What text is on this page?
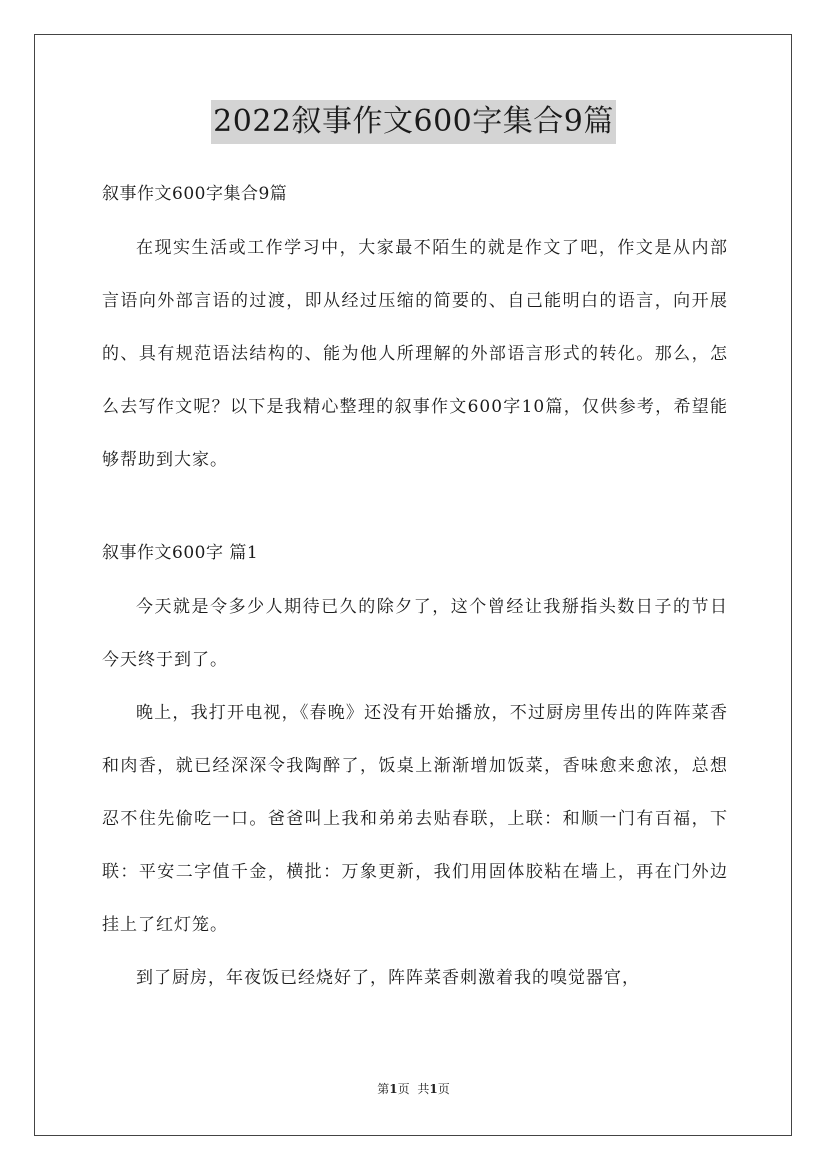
2022叙事作文600字集合9篇

叙事作文600字集合9篇

在现实生活或工作学习中，大家最不陌生的就是作文了吧，作文是从内部言语向外部言语的过渡，即从经过压缩的简要的、自己能明白的语言，向开展的、具有规范语法结构的、能为他人所理解的外部语言形式的转化。那么，怎么去写作文呢？以下是我精心整理的叙事作文600字10篇，仅供参考，希望能够帮助到大家。

叙事作文600字 篇1

今天就是令多少人期待已久的除夕了，这个曾经让我掰指头数日子的节日今天终于到了。

晚上，我打开电视，《春晚》还没有开始播放，不过厨房里传出的阵阵菜香和肉香，就已经深深令我陶醉了，饭桌上渐渐增加饭菜，香味愈来愈浓，总想忍不住先偷吃一口。爸爸叫上我和弟弟去贴春联，上联：和顺一门有百福，下联：平安二字值千金，横批：万象更新，我们用固体胶粘在墙上，再在门外边挂上了红灯笼。

到了厨房，年夜饭已经烧好了，阵阵菜香刺激着我的嗅觉器官，

第1页 共1页
